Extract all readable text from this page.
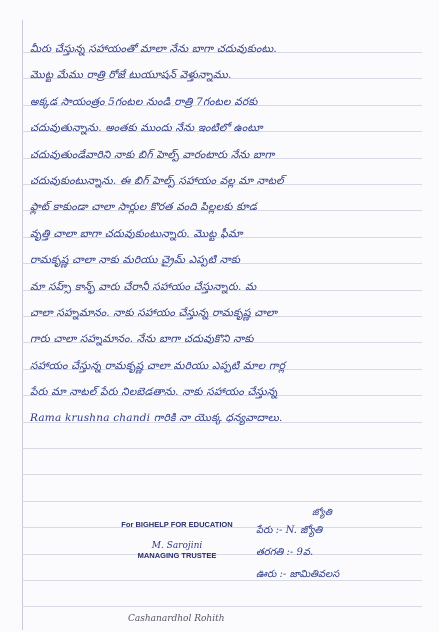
మీరు చేస్తున్న సహాయంతో మాలా నేను బాగా చదువుకుంటు.
మొట్ట మేము రాత్రి రోజే టుయూషన్ వెళ్తున్నాము.
అక్కడ సాయంత్రం 5గంటల నుండి రాత్రి 7గంటల వరకు
చదువుతున్నాను. అంతకు ముందు నేను ఇంటిలో ఉంటూ
చదువుతుండేవారిని నాకు బిగ్ హెల్ప్ వారంటారు నేను బాగా
చదువుకుంటున్నాను. ఈ బిగ్ హెల్ప్ సహాయం వల్ల మా నాటల్
ఫ్లాట్ కాకుండా చాలా సార్లుల కొరత వంది పిల్లలకు కూడ
వృత్తి చాలా బాగా చదువుకుంటున్నారు. మొట్ట ఫీమా
రామకృష్ణ చాలా నాకు మరియు చ్రైమ్ ఎప్పటి నాకు
మా సహ్స్ కాన్ఫ్ వారు చేరానీ సహాయం చేస్తున్నారు. మ
చాలా సహ్నమానం. నాకు సహాయం చేస్తున్న రామకృష్ణ చాలా
గారు చాలా సహ్నమానం. నేను బాగా చదువుకొని నాకు
సహాయం చేస్తున్న రామకృష్ణ చాలా మరియు ఎప్పటి మాల గార్ల
పేరు మా నాటల్ పేరు నిలబెడతాను. నాకు సహాయం చేస్తున్న
Rama krushna chandi గారికి నా యొక్క ధన్యవాదాలు.
For BIGHELP FOR EDUCATION
M. Sarojini
MANAGING TRUSTEE
జ్యోతి
పేరు :- N. జ్యోతి
తరగతి :- 9వ.
ఊరు :- జామితివలస
Cashanardhol Rohith
